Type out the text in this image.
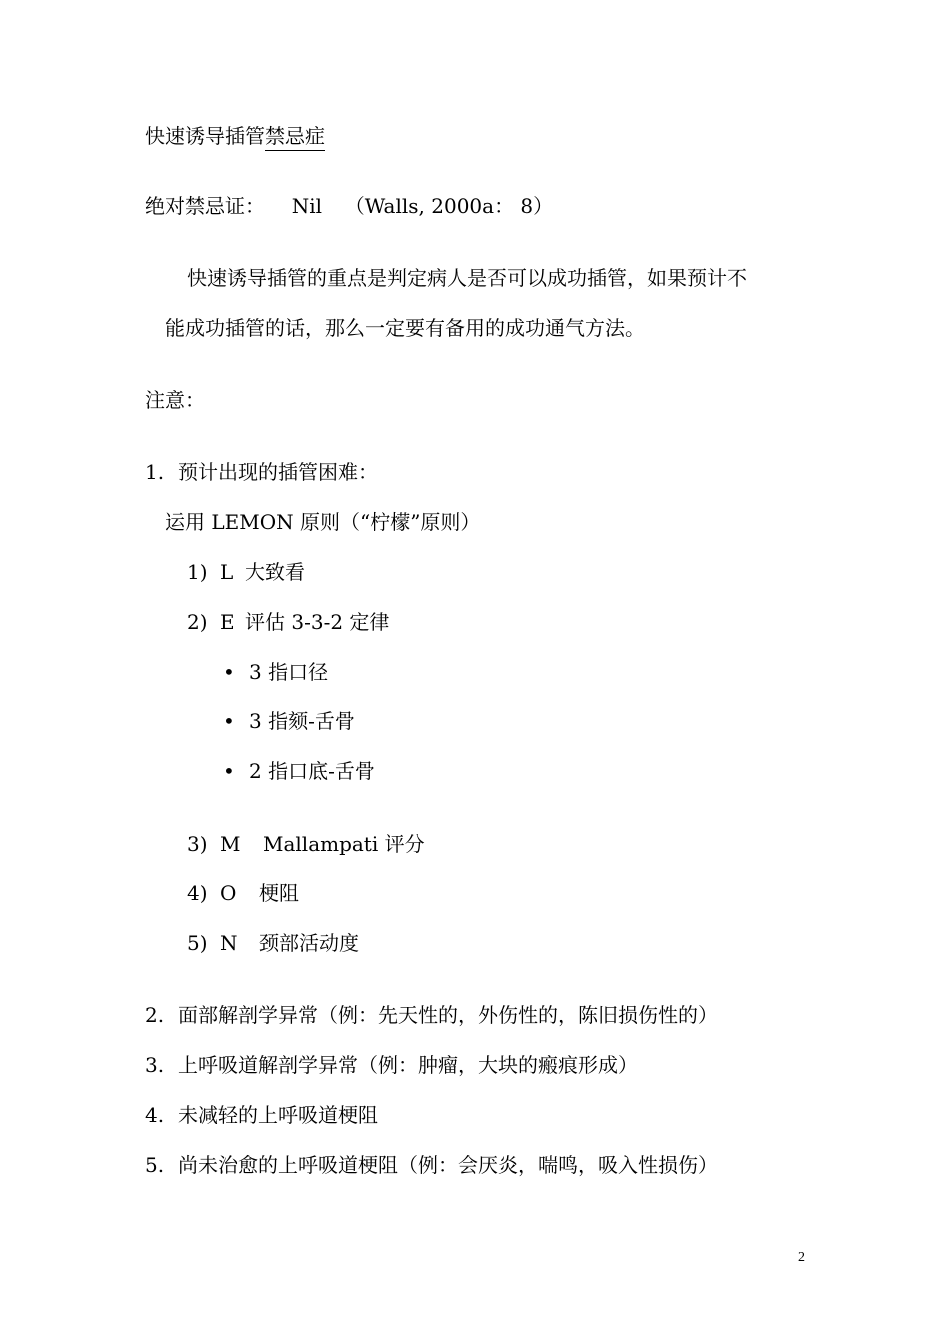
快速诱导插管禁忌症
绝对禁忌证： Nil （Walls, 2000a： 8）
快速诱导插管的重点是判定病人是否可以成功插管，如果预计不
能成功插管的话，那么一定要有备用的成功通气方法。
注意：
1. 预计出现的插管困难：
运用 LEMON 原则（“柠檬”原则）
1) L 大致看
2) E 评估 3-3-2 定律
• 3 指口径
• 3 指颏-舌骨
• 2 指口底-舌骨
3) M Mallampati 评分
4) O 梗阻
5) N 颈部活动度
2. 面部解剖学异常（例：先天性的，外伤性的，陈旧损伤性的）
3. 上呼吸道解剖学异常（例：肿瘤，大块的瘢痕形成）
4. 未减轻的上呼吸道梗阻
5. 尚未治愈的上呼吸道梗阻（例：会厌炎，喘鸣，吸入性损伤）
2
